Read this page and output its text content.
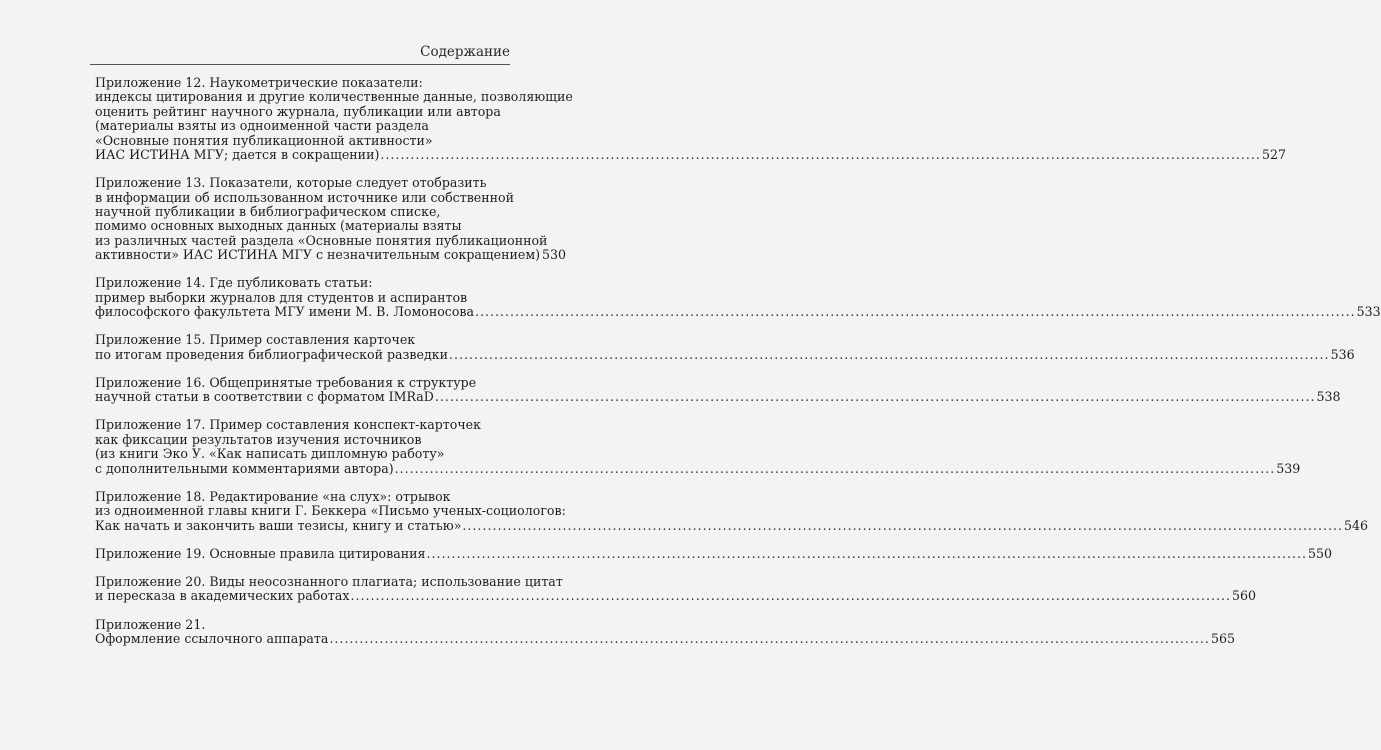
Содержание
Приложение 12. Наукометрические показатели:
индексы цитирования и другие количественные данные, позволяющие
оценить рейтинг научного журнала, публикации или автора
(материалы взяты из одноименной части раздела
«Основные понятия публикационной активности»
ИАС ИСТИНА МГУ; дается в сокращении) .....	527
Приложение 13. Показатели, которые следует отобразить
в информации об использованном источнике или собственной
научной публикации в библиографическом списке,
помимо основных выходных данных (материалы взяты
из различных частей раздела «Основные понятия публикационной
активности» ИАС ИСТИНА МГУ с незначительным сокращением) 530
Приложение 14. Где публиковать статьи:
пример выборки журналов для студентов и аспирантов
философского факультета МГУ имени М. В. Ломоносова .....	533
Приложение 15. Пример составления карточек
по итогам проведения библиографической разведки .....	536
Приложение 16. Общепринятые требования к структуре
научной статьи в соответствии с форматом IMRaD .....	538
Приложение 17. Пример составления конспект-карточек
как фиксации результатов изучения источников
(из книги Эко У. «Как написать дипломную работу»
с дополнительными комментариями автора) .....	539
Приложение 18. Редактирование «на слух»: отрывок
из одноименной главы книги Г. Беккера «Письмо ученых-социологов:
Как начать и закончить ваши тезисы, книгу и статью» .....	546
Приложение 19. Основные правила цитирования .....	550
Приложение 20. Виды неосознанного плагиата; использование цитат
и пересказа в академических работах .....	560
Приложение 21.
Оформление ссылочного аппарата .....	565
